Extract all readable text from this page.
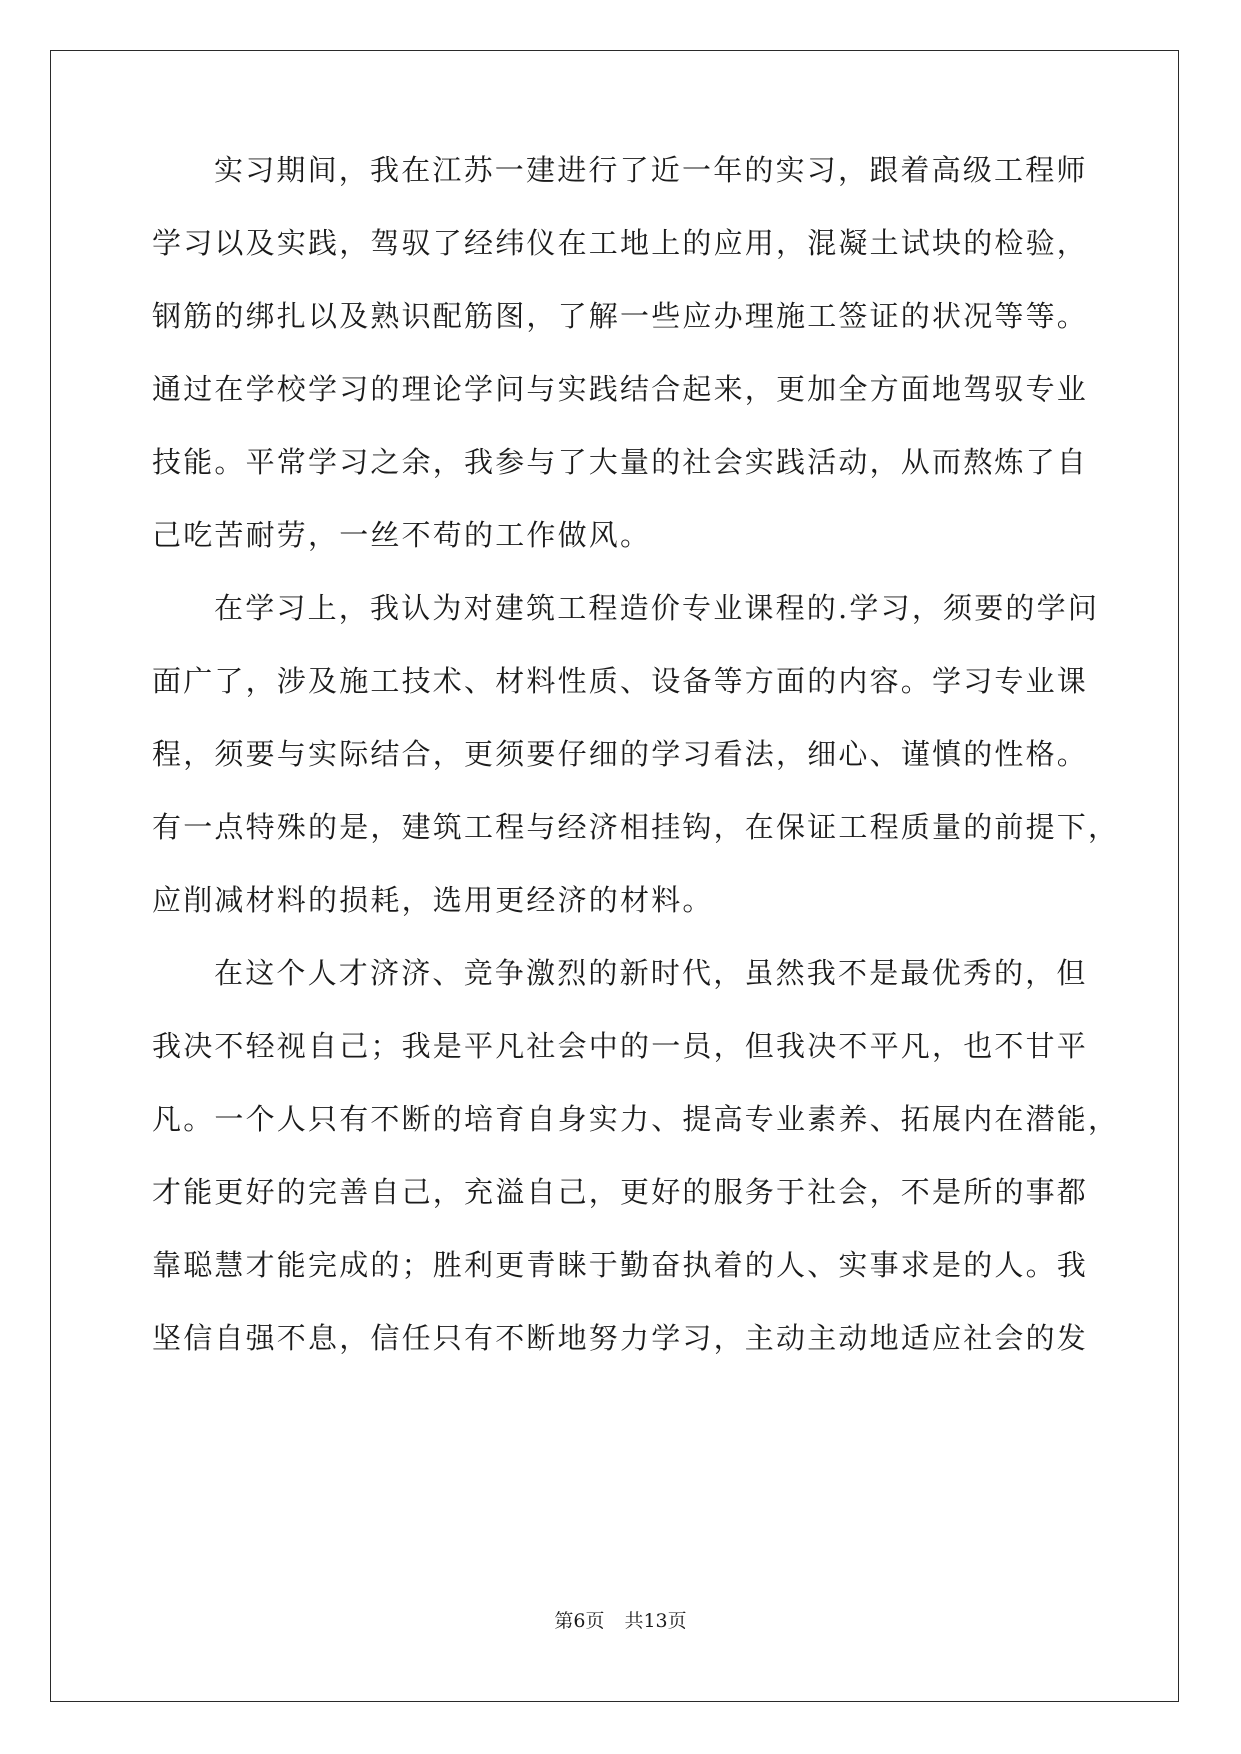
实习期间，我在江苏一建进行了近一年的实习，跟着高级工程师
学习以及实践，驾驭了经纬仪在工地上的应用，混凝土试块的检验，
钢筋的绑扎以及熟识配筋图，了解一些应办理施工签证的状况等等。
通过在学校学习的理论学问与实践结合起来，更加全方面地驾驭专业
技能。平常学习之余，我参与了大量的社会实践活动，从而熬炼了自
己吃苦耐劳，一丝不苟的工作做风。
在学习上，我认为对建筑工程造价专业课程的.学习，须要的学问
面广了，涉及施工技术、材料性质、设备等方面的内容。学习专业课
程，须要与实际结合，更须要仔细的学习看法，细心、谨慎的性格。
有一点特殊的是，建筑工程与经济相挂钩，在保证工程质量的前提下，
应削减材料的损耗，选用更经济的材料。
在这个人才济济、竞争激烈的新时代，虽然我不是最优秀的，但
我决不轻视自己；我是平凡社会中的一员，但我决不平凡，也不甘平
凡。一个人只有不断的培育自身实力、提高专业素养、拓展内在潜能，
才能更好的完善自己，充溢自己，更好的服务于社会，不是所的事都
靠聪慧才能完成的；胜利更青睐于勤奋执着的人、实事求是的人。我
坚信自强不息，信任只有不断地努力学习，主动主动地适应社会的发
第6页 共13页
